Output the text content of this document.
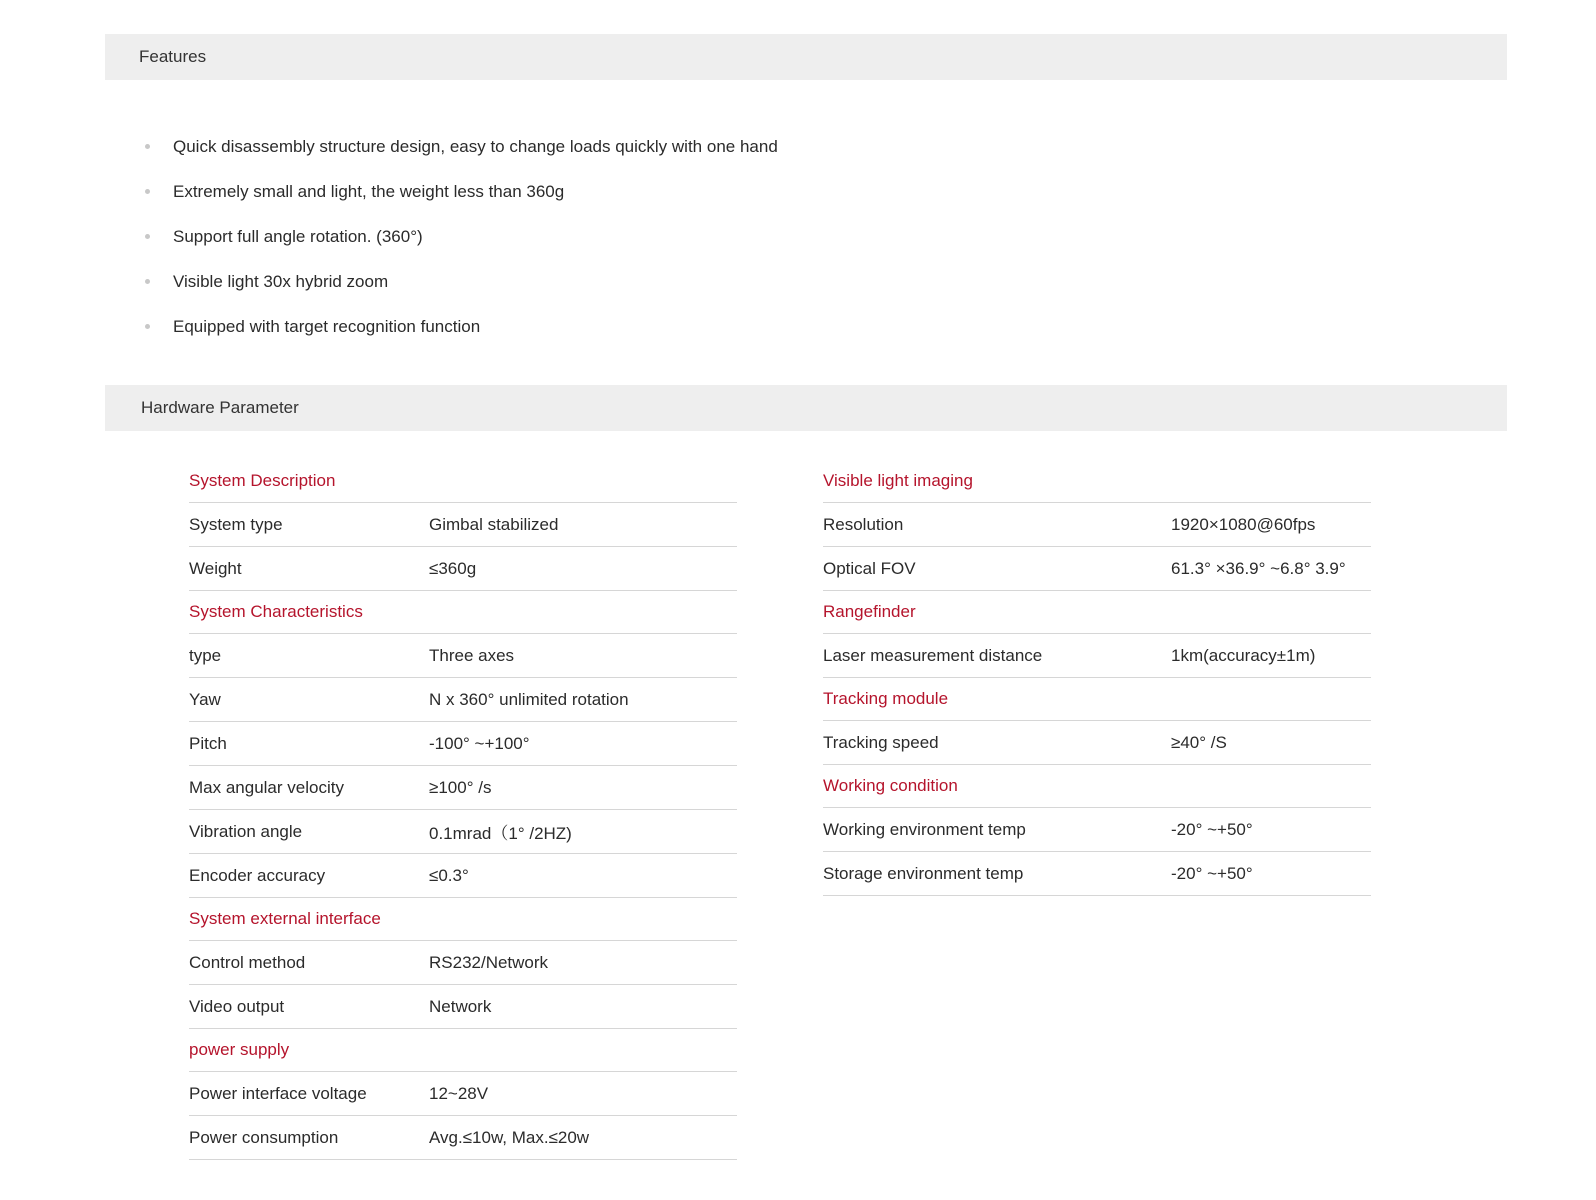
Features
Quick disassembly structure design, easy to change loads quickly with one hand
Extremely small and light, the weight less than 360g
Support full angle rotation. (360°)
Visible light 30x hybrid zoom
Equipped with target recognition function
Hardware Parameter
System Description
System type	Gimbal stabilized
Weight	≤360g
System Characteristics
type	Three axes
Yaw	N x 360° unlimited rotation
Pitch	-100° ~+100°
Max angular velocity	≥100° /s
Vibration angle	0.1mrad（1° /2HZ)
Encoder accuracy	≤0.3°
System external interface
Control method	RS232/Network
Video output	Network
power supply
Power interface voltage	12~28V
Power consumption	Avg.≤10w, Max.≤20w
Visible light imaging
Resolution	1920×1080@60fps
Optical FOV	61.3° ×36.9° ~6.8° 3.9°
Rangefinder
Laser measurement distance	1km(accuracy±1m)
Tracking module
Tracking speed	≥40° /S
Working condition
Working environment temp	-20° ~+50°
Storage environment temp	-20° ~+50°
